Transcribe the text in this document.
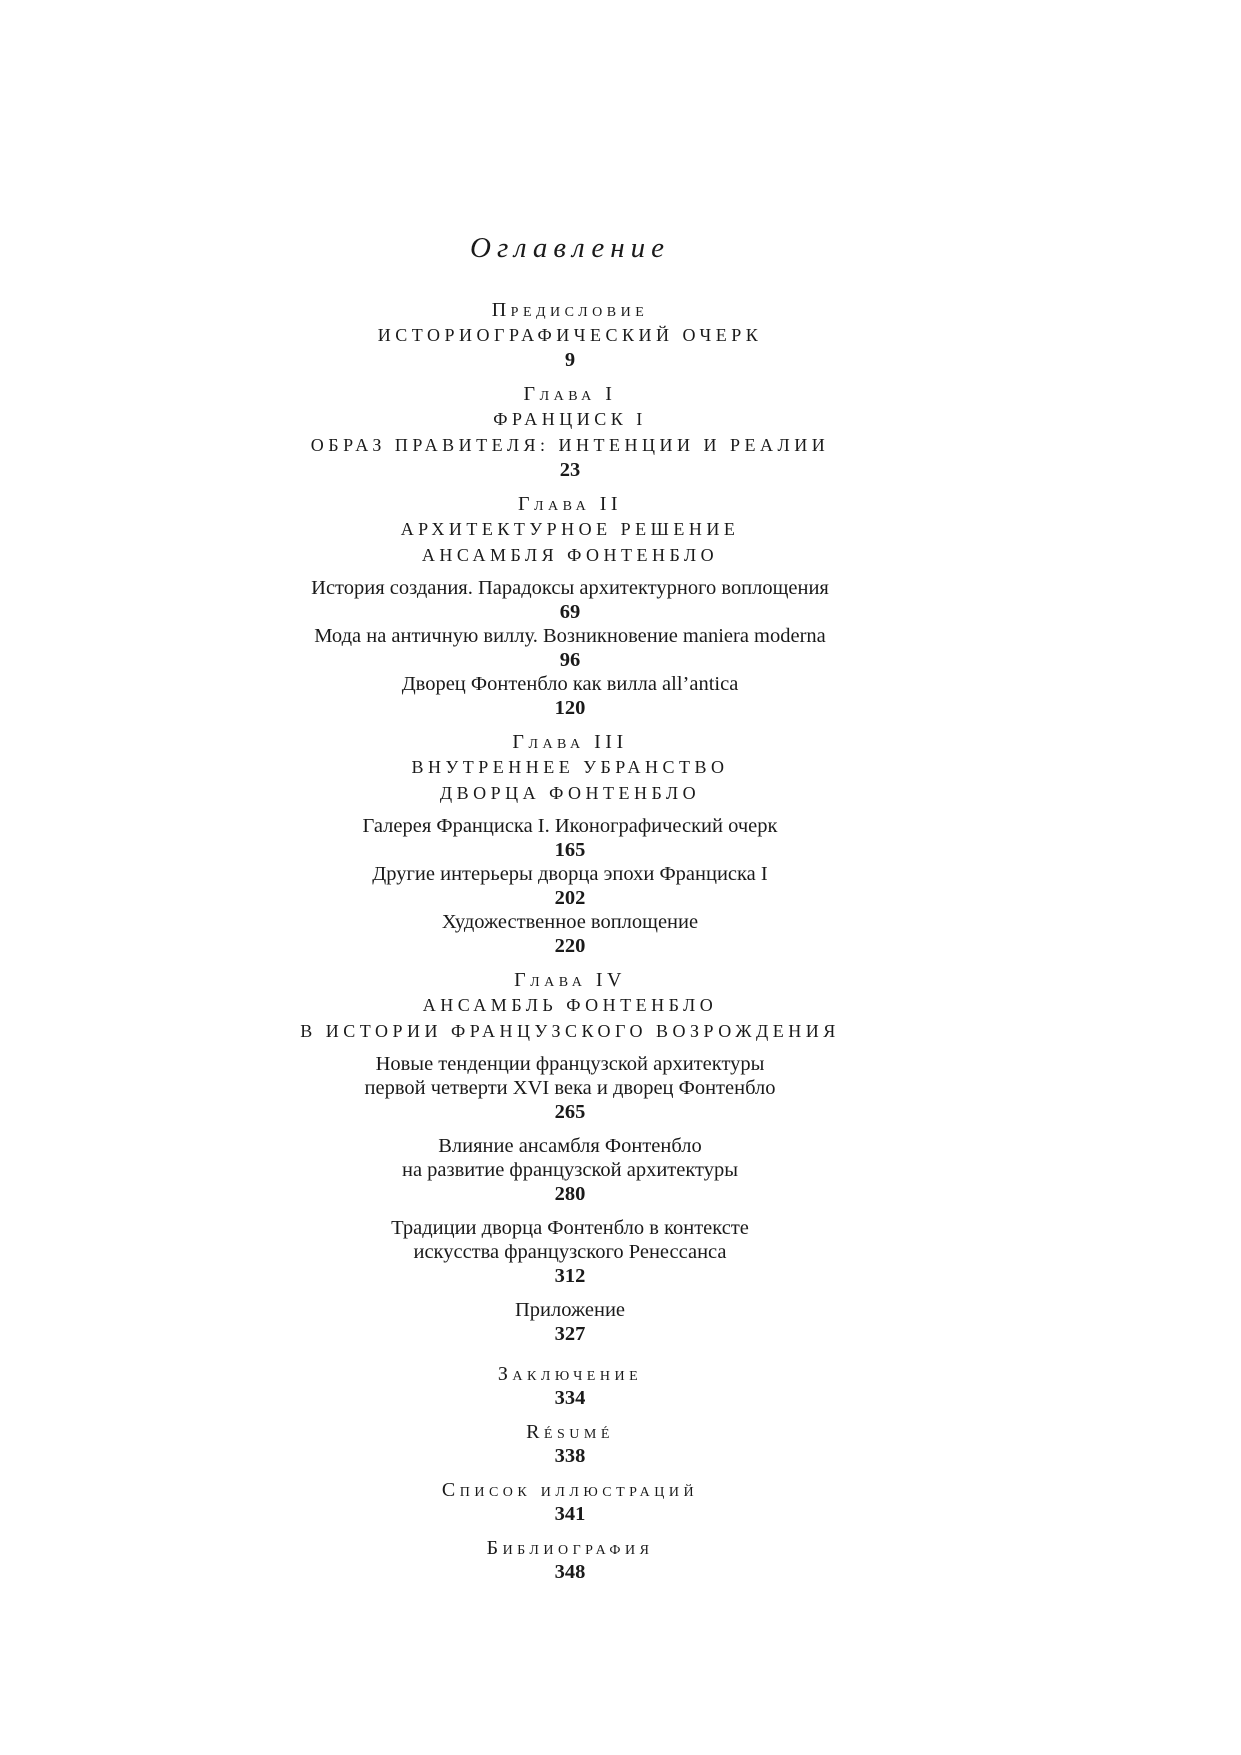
Оглавление
Предисловие
ИСТОРИОГРАФИЧЕСКИЙ ОЧЕРК
9
Глава I
ФРАНЦИСК I
ОБРАЗ ПРАВИТЕЛЯ: ИНТЕНЦИИ И РЕАЛИИ
23
Глава II
АРХИТЕКТУРНОЕ РЕШЕНИЕ
АНСАМБЛЯ ФОНТЕНБЛО
История создания. Парадоксы архитектурного воплощения
69
Мода на античную виллу. Возникновение maniera moderna
96
Дворец Фонтенбло как вилла all’antica
120
Глава III
ВНУТРЕННЕЕ УБРАНСТВО
ДВОРЦА ФОНТЕНБЛО
Галерея Франциска I. Иконографический очерк
165
Другие интерьеры дворца эпохи Франциска I
202
Художественное воплощение
220
Глава IV
АНСАМБЛЬ ФОНТЕНБЛО
В ИСТОРИИ ФРАНЦУЗСКОГО ВОЗРОЖДЕНИЯ
Новые тенденции французской архитектуры
первой четверти XVI века и дворец Фонтенбло
265
Влияние ансамбля Фонтенбло
на развитие французской архитектуры
280
Традиции дворца Фонтенбло в контексте
искусства французского Ренессанса
312
Приложение
327
Заключение
334
Résumé
338
Список иллюстраций
341
Библиография
348
